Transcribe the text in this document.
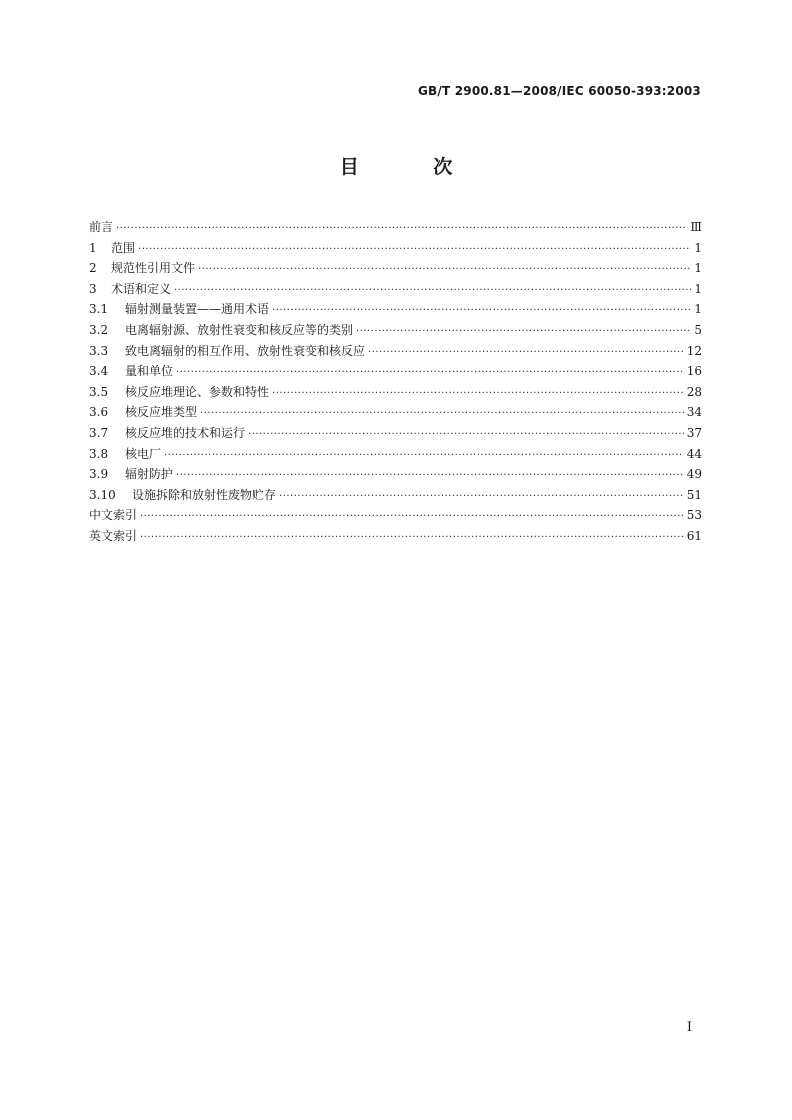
GB/T 2900.81—2008/IEC 60050-393:2003
目 次
前言 ·····	Ⅲ
1	范围 ·····	1
2	规范性引用文件 ·····	1
3	术语和定义 ·····	1
3.1	辐射测量装置——通用术语 ·····	1
3.2	电离辐射源、放射性衰变和核反应等的类别 ·····	5
3.3	致电离辐射的相互作用、放射性衰变和核反应 ·····	12
3.4	量和单位 ·····	16
3.5	核反应堆理论、参数和特性 ·····	28
3.6	核反应堆类型 ·····	34
3.7	核反应堆的技术和运行 ·····	37
3.8	核电厂 ·····	44
3.9	辐射防护 ·····	49
3.10	设施拆除和放射性废物贮存 ·····	51
中文索引 ·····	53
英文索引 ·····	61
I
